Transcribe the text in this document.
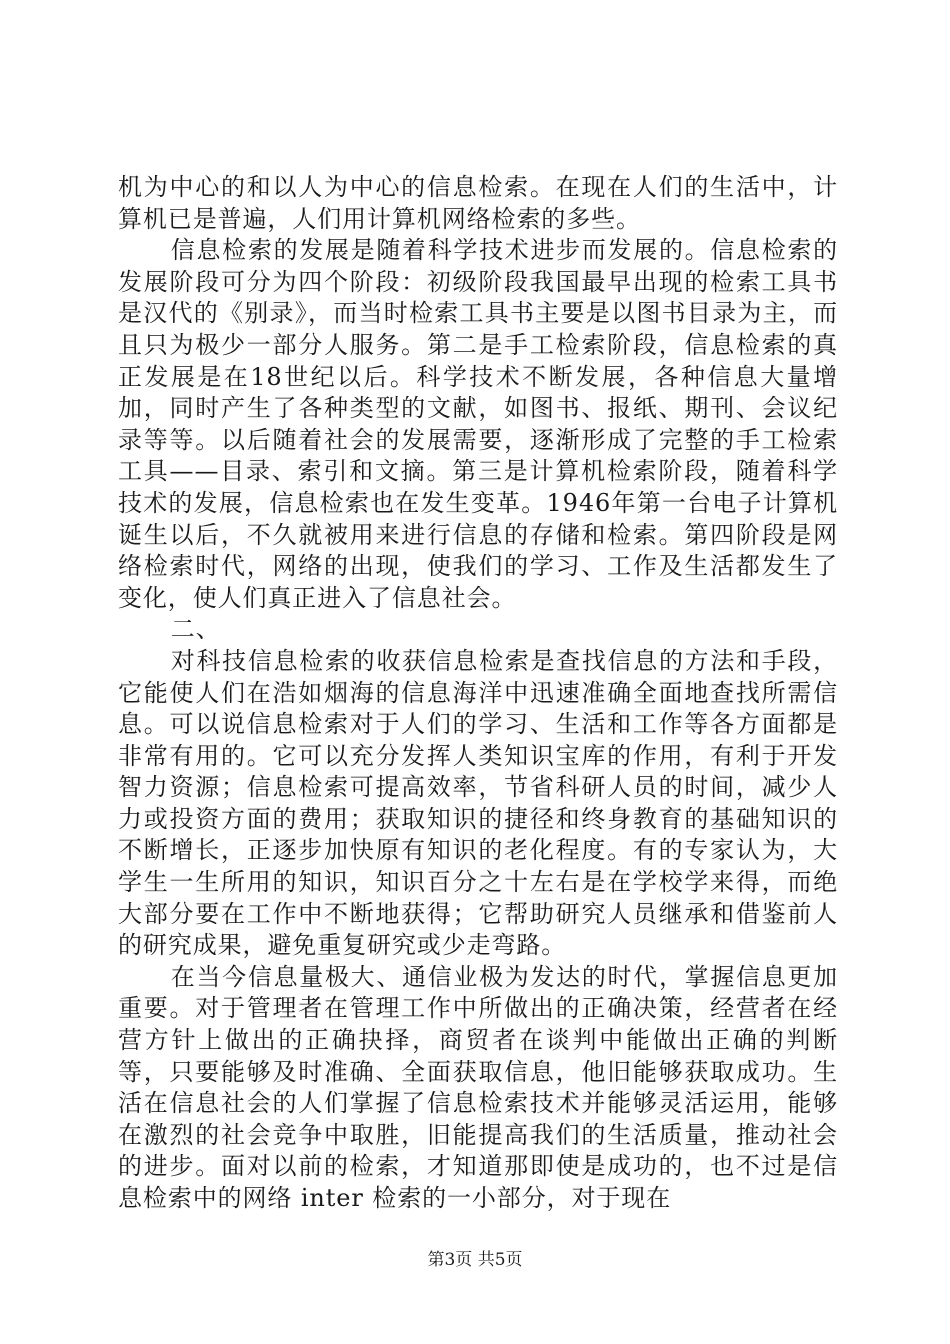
机为中心的和以人为中心的信息检索。在现在人们的生活中，计算机已是普遍，人们用计算机网络检索的多些。

信息检索的发展是随着科学技术进步而发展的。信息检索的发展阶段可分为四个阶段：初级阶段我国最早出现的检索工具书是汉代的《别录》，而当时检索工具书主要是以图书目录为主，而且只为极少一部分人服务。第二是手工检索阶段，信息检索的真正发展是在18世纪以后。科学技术不断发展，各种信息大量增加，同时产生了各种类型的文献，如图书、报纸、期刊、会议纪录等等。以后随着社会的发展需要，逐渐形成了完整的手工检索工具——目录、索引和文摘。第三是计算机检索阶段，随着科学技术的发展，信息检索也在发生变革。1946年第一台电子计算机诞生以后，不久就被用来进行信息的存储和检索。第四阶段是网络检索时代，网络的出现，使我们的学习、工作及生活都发生了变化，使人们真正进入了信息社会。

二、

对科技信息检索的收获信息检索是查找信息的方法和手段，它能使人们在浩如烟海的信息海洋中迅速准确全面地查找所需信息。可以说信息检索对于人们的学习、生活和工作等各方面都是非常有用的。它可以充分发挥人类知识宝库的作用，有利于开发智力资源；信息检索可提高效率，节省科研人员的时间，减少人力或投资方面的费用；获取知识的捷径和终身教育的基础知识的不断增长，正逐步加快原有知识的老化程度。有的专家认为，大学生一生所用的知识，知识百分之十左右是在学校学来得，而绝大部分要在工作中不断地获得；它帮助研究人员继承和借鉴前人的研究成果，避免重复研究或少走弯路。

在当今信息量极大、通信业极为发达的时代，掌握信息更加重要。对于管理者在管理工作中所做出的正确决策，经营者在经营方针上做出的正确抉择，商贸者在谈判中能做出正确的判断等，只要能够及时准确、全面获取信息，他旧能够获取成功。生活在信息社会的人们掌握了信息检索技术并能够灵活运用，能够在激烈的社会竞争中取胜，旧能提高我们的生活质量，推动社会的进步。面对以前的检索，才知道那即使是成功的，也不过是信息检索中的网络 inter 检索的一小部分，对于现在

第3页 共5页
